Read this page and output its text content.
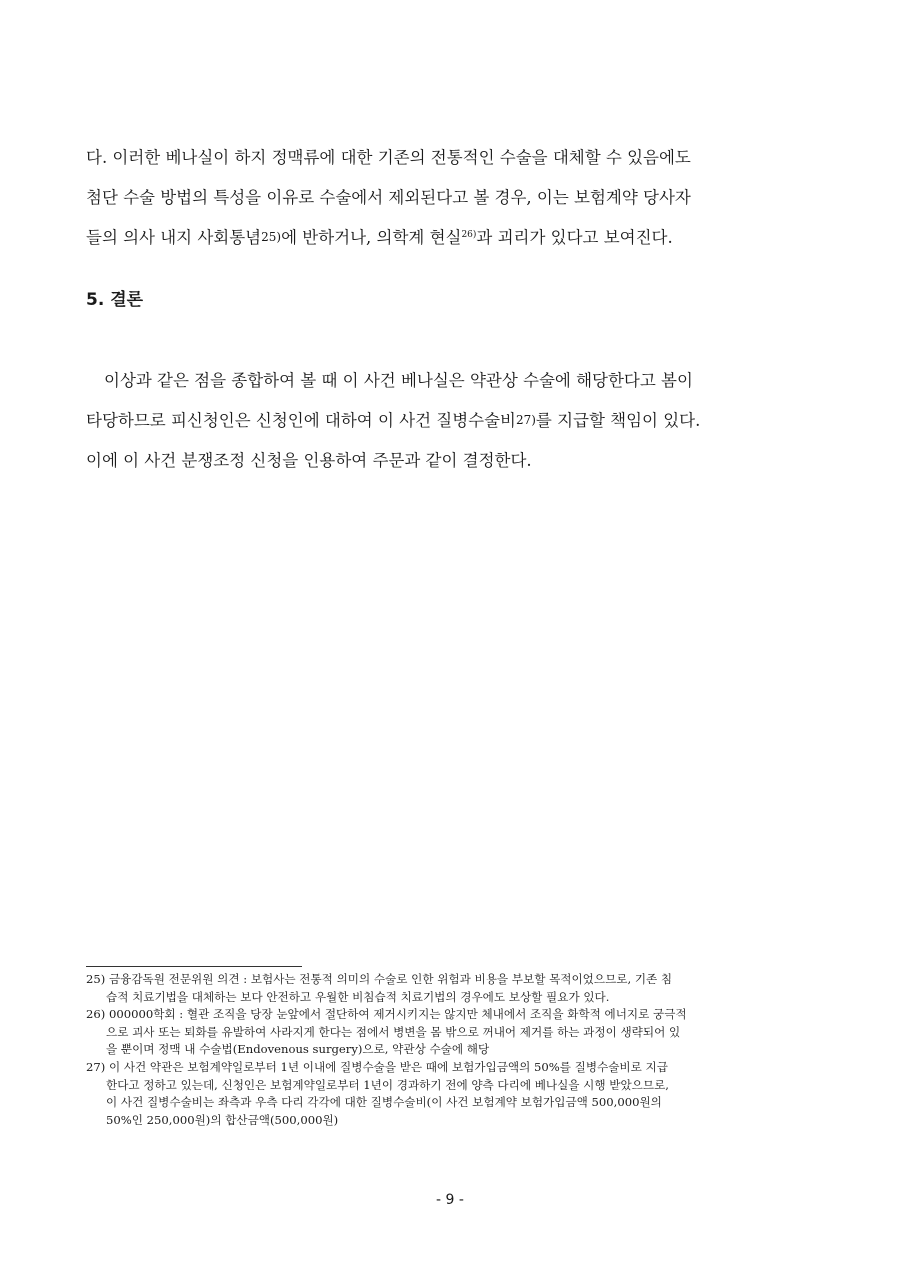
다. 이러한 베나실이 하지 정맥류에 대한 기존의 전통적인 수술을 대체할 수 있음에도
첨단 수술 방법의 특성을 이유로 수술에서 제외된다고 볼 경우, 이는 보험계약 당사자
들의 의사 내지 사회통념25)에 반하거나, 의학계 현실$^{26)}$과 괴리가 있다고 보여진다.
5. 결론
이상과 같은 점을 종합하여 볼 때 이 사건 베나실은 약관상 수술에 해당한다고 봄이
타당하므로 피신청인은 신청인에 대하여 이 사건 질병수술비27)를 지급할 책임이 있다.
이에 이 사건 분쟁조정 신청을 인용하여 주문과 같이 결정한다.

25) 금융감독원 전문위원 의견 : 보험사는 전통적 의미의 수술로 인한 위험과 비용을 부보할 목적이었으므로, 기존 침
습적 치료기법을 대체하는 보다 안전하고 우월한 비침습적 치료기법의 경우에도 보상할 필요가 있다.

26) 000000학회 : 혈관 조직을 당장 눈앞에서 절단하여 제거시키지는 않지만 체내에서 조직을 화학적 에너지로 궁극적
으로 괴사 또는 퇴화를 유발하여 사라지게 한다는 점에서 병변을 몸 밖으로 꺼내어 제거를 하는 과정이 생략되어 있
을 뿐이며 정맥 내 수술법(Endovenous surgery)으로, 약관상 수술에 해당

27) 이 사건 약관은 보험계약일로부터 1년 이내에 질병수술을 받은 때에 보험가입금액의 50%를 질병수술비로 지급
한다고 정하고 있는데, 신청인은 보험계약일로부터 1년이 경과하기 전에 양측 다리에 베나실을 시행 받았으므로,
이 사건 질병수술비는 좌측과 우측 다리 각각에 대한 질병수술비(이 사건 보험계약 보험가입금액 500,000원의
50%인 250,000원)의 합산금액(500,000원)

- 9 -
